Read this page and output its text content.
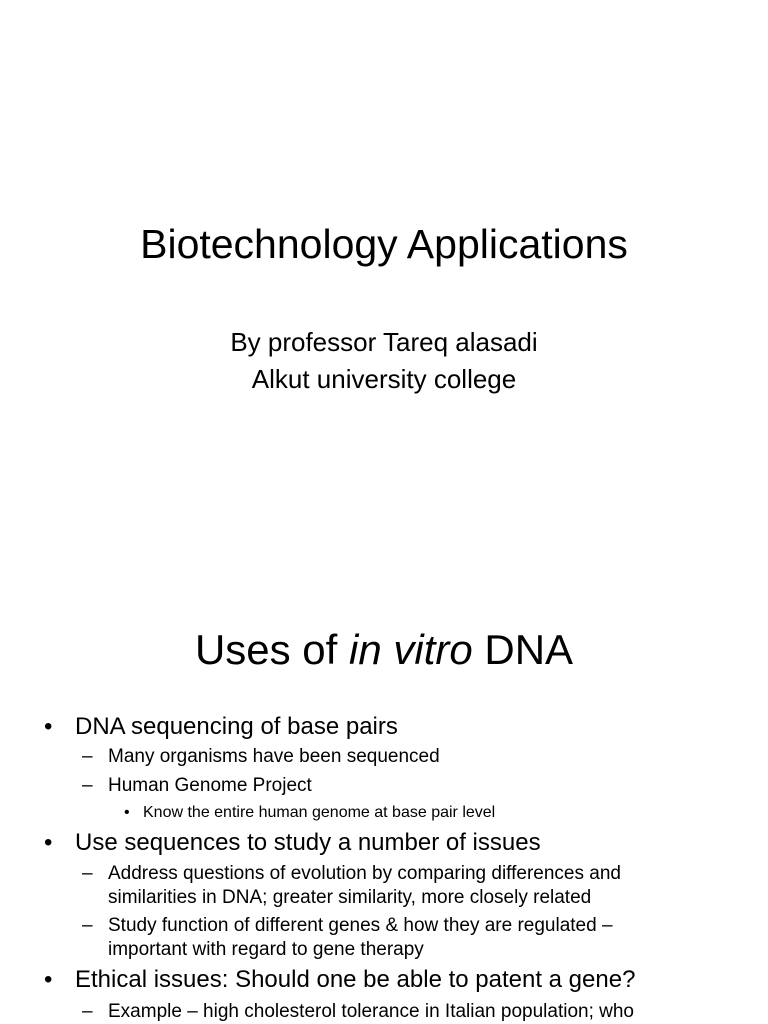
Biotechnology Applications
By professor Tareq alasadi
Alkut university college
Uses of in vitro DNA
• DNA sequencing of base pairs
– Many organisms have been sequenced
– Human Genome Project
• Know the entire human genome at base pair level
• Use sequences to study a number of issues
– Address questions of evolution by comparing differences and
similarities in DNA; greater similarity, more closely related
– Study function of different genes & how they are regulated –
important with regard to gene therapy
• Ethical issues: Should one be able to patent a gene?
– Example – high cholesterol tolerance in Italian population; who
